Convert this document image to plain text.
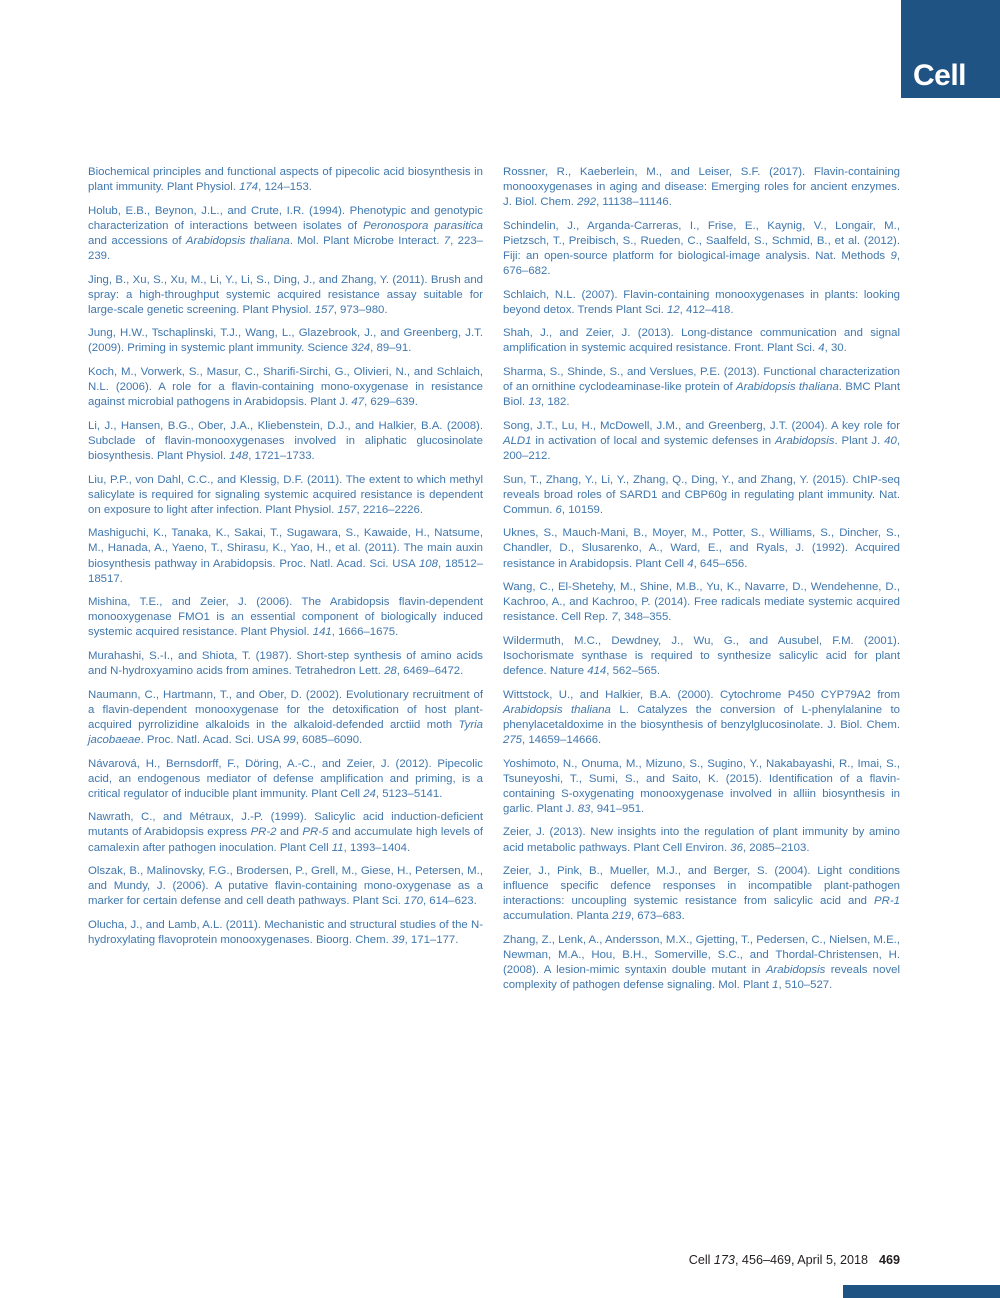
Cell

Biochemical principles and functional aspects of pipecolic acid biosynthesis in plant immunity. Plant Physiol. 174, 124–153.

Holub, E.B., Beynon, J.L., and Crute, I.R. (1994). Phenotypic and genotypic characterization of interactions between isolates of Peronospora parasitica and accessions of Arabidopsis thaliana. Mol. Plant Microbe Interact. 7, 223–239.

Jing, B., Xu, S., Xu, M., Li, Y., Li, S., Ding, J., and Zhang, Y. (2011). Brush and spray: a high-throughput systemic acquired resistance assay suitable for large-scale genetic screening. Plant Physiol. 157, 973–980.

Jung, H.W., Tschaplinski, T.J., Wang, L., Glazebrook, J., and Greenberg, J.T. (2009). Priming in systemic plant immunity. Science 324, 89–91.

Koch, M., Vorwerk, S., Masur, C., Sharifi-Sirchi, G., Olivieri, N., and Schlaich, N.L. (2006). A role for a flavin-containing mono-oxygenase in resistance against microbial pathogens in Arabidopsis. Plant J. 47, 629–639.

Li, J., Hansen, B.G., Ober, J.A., Kliebenstein, D.J., and Halkier, B.A. (2008). Subclade of flavin-monooxygenases involved in aliphatic glucosinolate biosynthesis. Plant Physiol. 148, 1721–1733.

Liu, P.P., von Dahl, C.C., and Klessig, D.F. (2011). The extent to which methyl salicylate is required for signaling systemic acquired resistance is dependent on exposure to light after infection. Plant Physiol. 157, 2216–2226.

Mashiguchi, K., Tanaka, K., Sakai, T., Sugawara, S., Kawaide, H., Natsume, M., Hanada, A., Yaeno, T., Shirasu, K., Yao, H., et al. (2011). The main auxin biosynthesis pathway in Arabidopsis. Proc. Natl. Acad. Sci. USA 108, 18512–18517.

Mishina, T.E., and Zeier, J. (2006). The Arabidopsis flavin-dependent monooxygenase FMO1 is an essential component of biologically induced systemic acquired resistance. Plant Physiol. 141, 1666–1675.

Murahashi, S.-I., and Shiota, T. (1987). Short-step synthesis of amino acids and N-hydroxyamino acids from amines. Tetrahedron Lett. 28, 6469–6472.

Naumann, C., Hartmann, T., and Ober, D. (2002). Evolutionary recruitment of a flavin-dependent monooxygenase for the detoxification of host plant-acquired pyrrolizidine alkaloids in the alkaloid-defended arctiid moth Tyria jacobaeae. Proc. Natl. Acad. Sci. USA 99, 6085–6090.

Návarová, H., Bernsdorff, F., Döring, A.-C., and Zeier, J. (2012). Pipecolic acid, an endogenous mediator of defense amplification and priming, is a critical regulator of inducible plant immunity. Plant Cell 24, 5123–5141.

Nawrath, C., and Métraux, J.-P. (1999). Salicylic acid induction-deficient mutants of Arabidopsis express PR-2 and PR-5 and accumulate high levels of camalexin after pathogen inoculation. Plant Cell 11, 1393–1404.

Olszak, B., Malinovsky, F.G., Brodersen, P., Grell, M., Giese, H., Petersen, M., and Mundy, J. (2006). A putative flavin-containing mono-oxygenase as a marker for certain defense and cell death pathways. Plant Sci. 170, 614–623.

Olucha, J., and Lamb, A.L. (2011). Mechanistic and structural studies of the N-hydroxylating flavoprotein monooxygenases. Bioorg. Chem. 39, 171–177.

Rossner, R., Kaeberlein, M., and Leiser, S.F. (2017). Flavin-containing monooxygenases in aging and disease: Emerging roles for ancient enzymes. J. Biol. Chem. 292, 11138–11146.

Schindelin, J., Arganda-Carreras, I., Frise, E., Kaynig, V., Longair, M., Pietzsch, T., Preibisch, S., Rueden, C., Saalfeld, S., Schmid, B., et al. (2012). Fiji: an open-source platform for biological-image analysis. Nat. Methods 9, 676–682.

Schlaich, N.L. (2007). Flavin-containing monooxygenases in plants: looking beyond detox. Trends Plant Sci. 12, 412–418.

Shah, J., and Zeier, J. (2013). Long-distance communication and signal amplification in systemic acquired resistance. Front. Plant Sci. 4, 30.

Sharma, S., Shinde, S., and Verslues, P.E. (2013). Functional characterization of an ornithine cyclodeaminase-like protein of Arabidopsis thaliana. BMC Plant Biol. 13, 182.

Song, J.T., Lu, H., McDowell, J.M., and Greenberg, J.T. (2004). A key role for ALD1 in activation of local and systemic defenses in Arabidopsis. Plant J. 40, 200–212.

Sun, T., Zhang, Y., Li, Y., Zhang, Q., Ding, Y., and Zhang, Y. (2015). ChIP-seq reveals broad roles of SARD1 and CBP60g in regulating plant immunity. Nat. Commun. 6, 10159.

Uknes, S., Mauch-Mani, B., Moyer, M., Potter, S., Williams, S., Dincher, S., Chandler, D., Slusarenko, A., Ward, E., and Ryals, J. (1992). Acquired resistance in Arabidopsis. Plant Cell 4, 645–656.

Wang, C., El-Shetehy, M., Shine, M.B., Yu, K., Navarre, D., Wendehenne, D., Kachroo, A., and Kachroo, P. (2014). Free radicals mediate systemic acquired resistance. Cell Rep. 7, 348–355.

Wildermuth, M.C., Dewdney, J., Wu, G., and Ausubel, F.M. (2001). Isochorismate synthase is required to synthesize salicylic acid for plant defence. Nature 414, 562–565.

Wittstock, U., and Halkier, B.A. (2000). Cytochrome P450 CYP79A2 from Arabidopsis thaliana L. Catalyzes the conversion of L-phenylalanine to phenylacetaldoxime in the biosynthesis of benzylglucosinolate. J. Biol. Chem. 275, 14659–14666.

Yoshimoto, N., Onuma, M., Mizuno, S., Sugino, Y., Nakabayashi, R., Imai, S., Tsuneyoshi, T., Sumi, S., and Saito, K. (2015). Identification of a flavin-containing S-oxygenating monooxygenase involved in alliin biosynthesis in garlic. Plant J. 83, 941–951.

Zeier, J. (2013). New insights into the regulation of plant immunity by amino acid metabolic pathways. Plant Cell Environ. 36, 2085–2103.

Zeier, J., Pink, B., Mueller, M.J., and Berger, S. (2004). Light conditions influence specific defence responses in incompatible plant-pathogen interactions: uncoupling systemic resistance from salicylic acid and PR-1 accumulation. Planta 219, 673–683.

Zhang, Z., Lenk, A., Andersson, M.X., Gjetting, T., Pedersen, C., Nielsen, M.E., Newman, M.A., Hou, B.H., Somerville, S.C., and Thordal-Christensen, H. (2008). A lesion-mimic syntaxin double mutant in Arabidopsis reveals novel complexity of pathogen defense signaling. Mol. Plant 1, 510–527.

Cell 173, 456–469, April 5, 2018 469
